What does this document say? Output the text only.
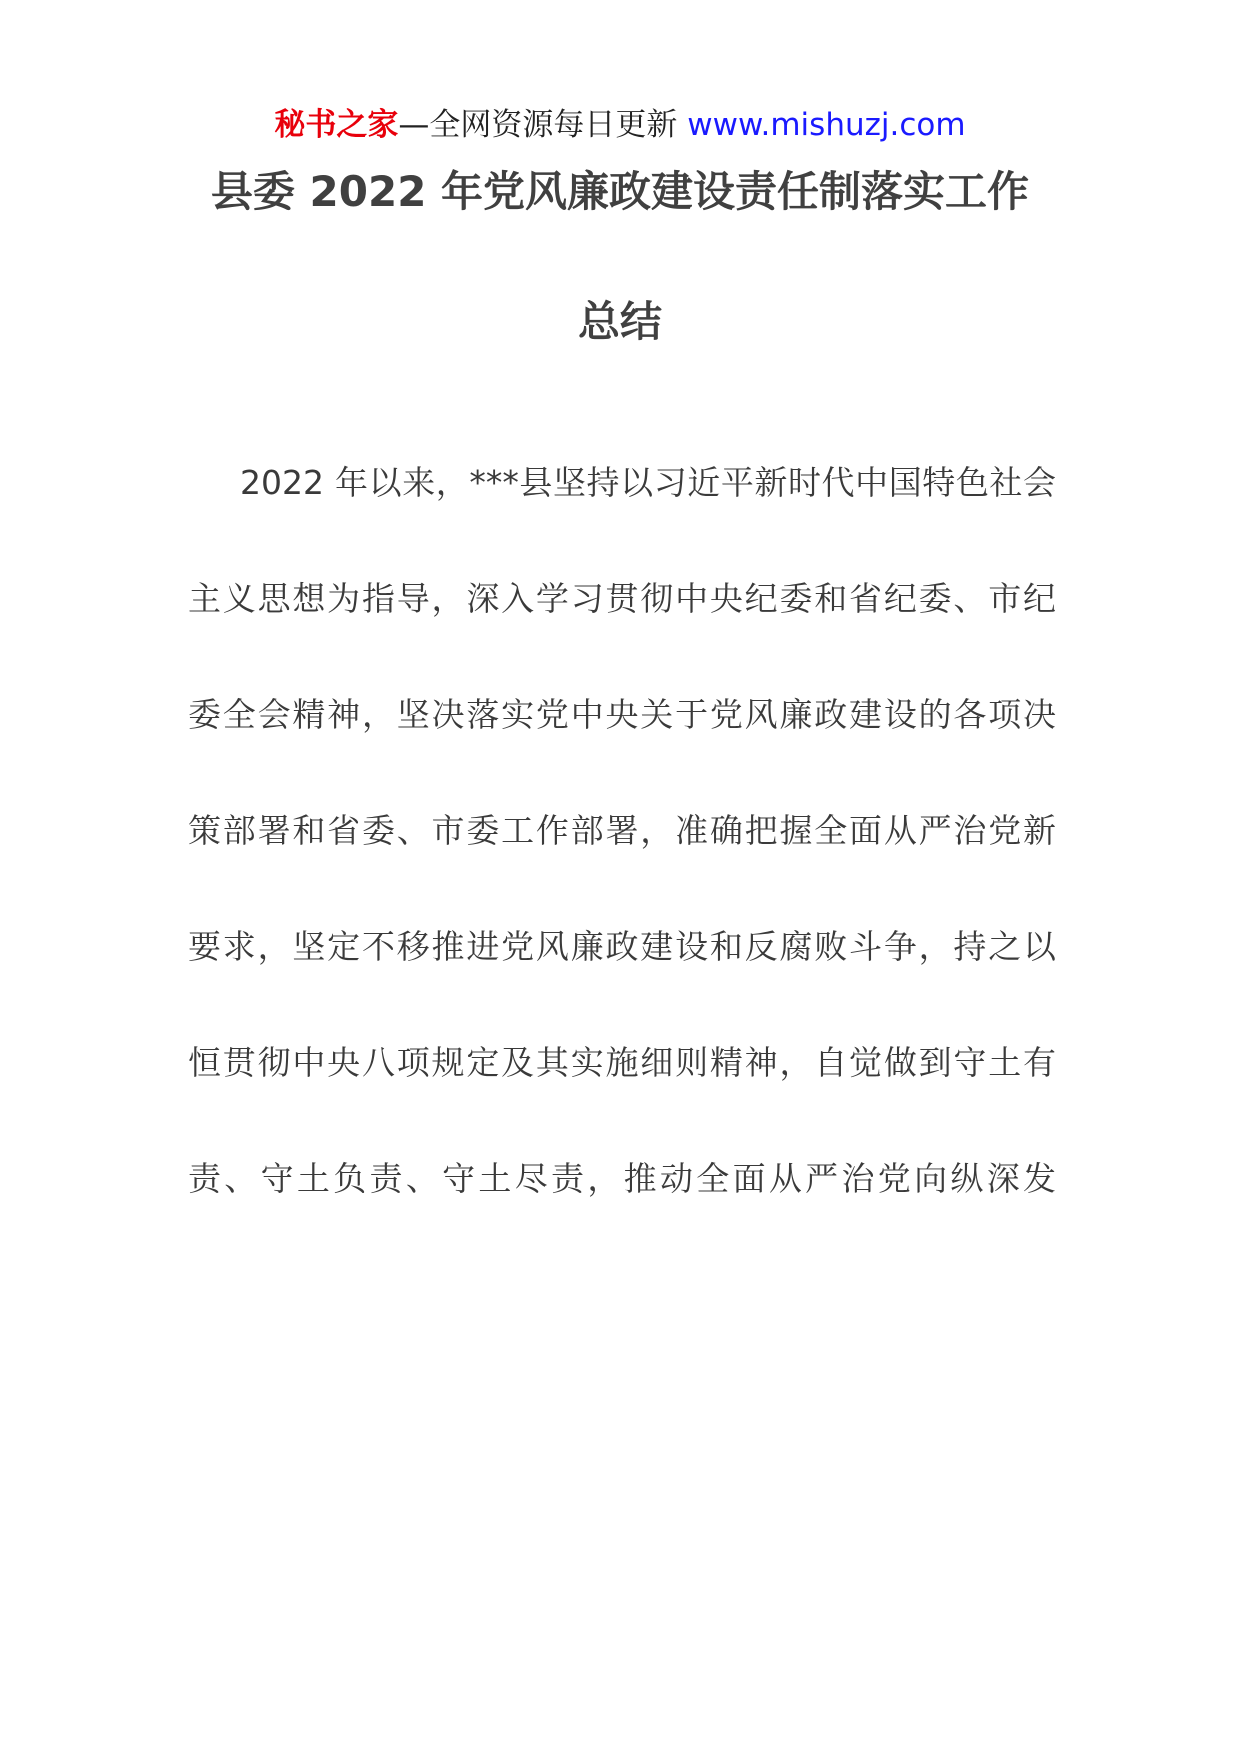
秘书之家—全网资源每日更新 www.mishuzj.com
县委 2022 年党风廉政建设责任制落实工作
总结
2022 年以来，***县坚持以习近平新时代中国特色社会
主义思想为指导，深入学习贯彻中央纪委和省纪委、市纪
委全会精神，坚决落实党中央关于党风廉政建设的各项决
策部署和省委、市委工作部署，准确把握全面从严治党新
要求，坚定不移推进党风廉政建设和反腐败斗争，持之以
恒贯彻中央八项规定及其实施细则精神，自觉做到守土有
责、守土负责、守土尽责，推动全面从严治党向纵深发
